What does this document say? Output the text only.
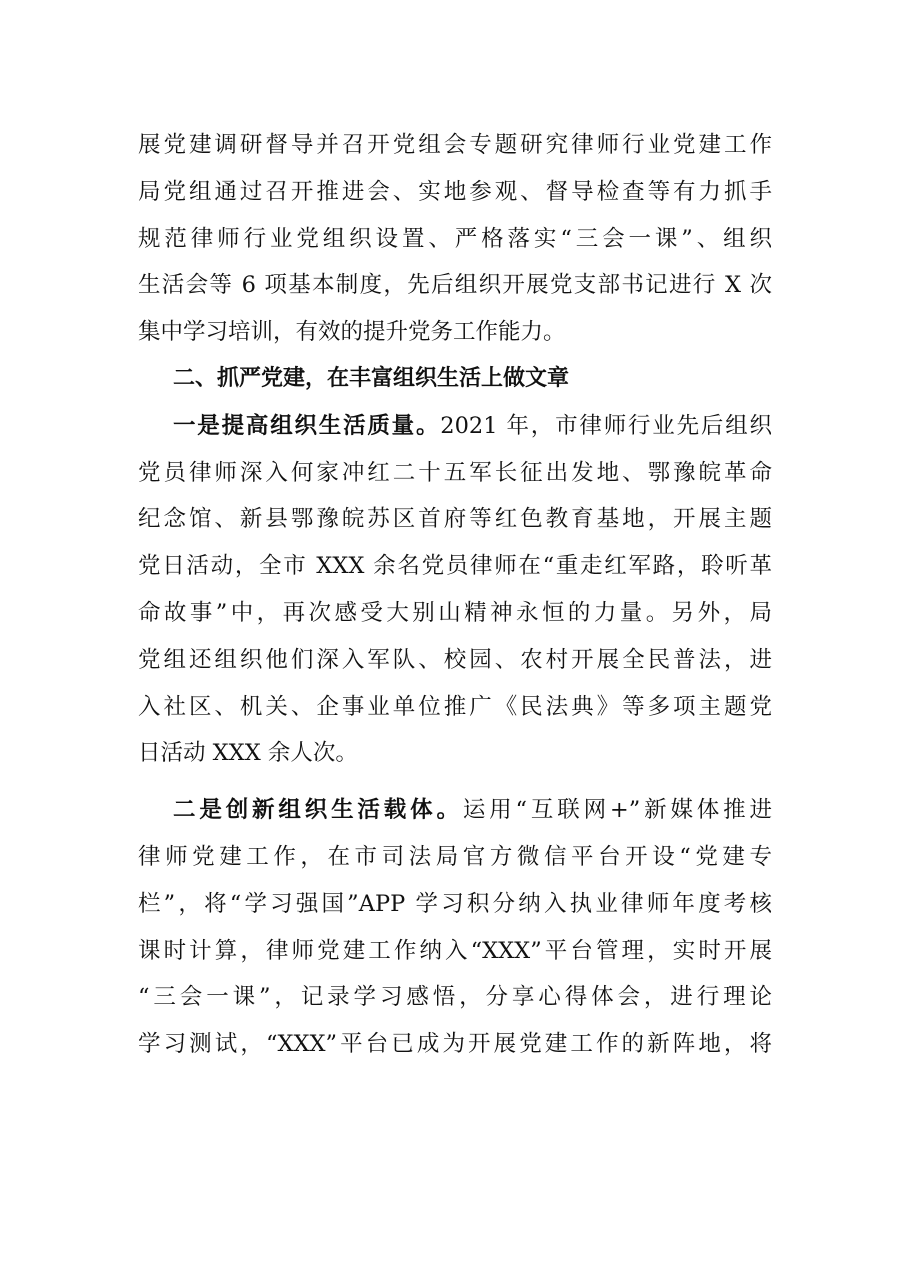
展党建调研督导并召开党组会专题研究律师行业党建工作
局党组通过召开推进会、实地参观、督导检查等有力抓手
规范律师行业党组织设置、严格落实“三会一课”、组织
生活会等 6 项基本制度，先后组织开展党支部书记进行 X 次
集中学习培训，有效的提升党务工作能力。
二、抓严党建，在丰富组织生活上做文章
一是提高组织生活质量。2021 年，市律师行业先后组织
党员律师深入何家冲红二十五军长征出发地、鄂豫皖革命
纪念馆、新县鄂豫皖苏区首府等红色教育基地，开展主题
党日活动，全市 XXX 余名党员律师在“重走红军路，聆听革
命故事”中，再次感受大别山精神永恒的力量。另外，局
党组还组织他们深入军队、校园、农村开展全民普法，进
入社区、机关、企事业单位推广《民法典》等多项主题党
日活动 XXX 余人次。
二是创新组织生活载体。运用“互联网+”新媒体推进
律师党建工作，在市司法局官方微信平台开设“党建专
栏”，将“学习强国”APP 学习积分纳入执业律师年度考核
课时计算，律师党建工作纳入“XXX”平台管理，实时开展
“三会一课”，记录学习感悟，分享心得体会，进行理论
学习测试，“XXX”平台已成为开展党建工作的新阵地，将
